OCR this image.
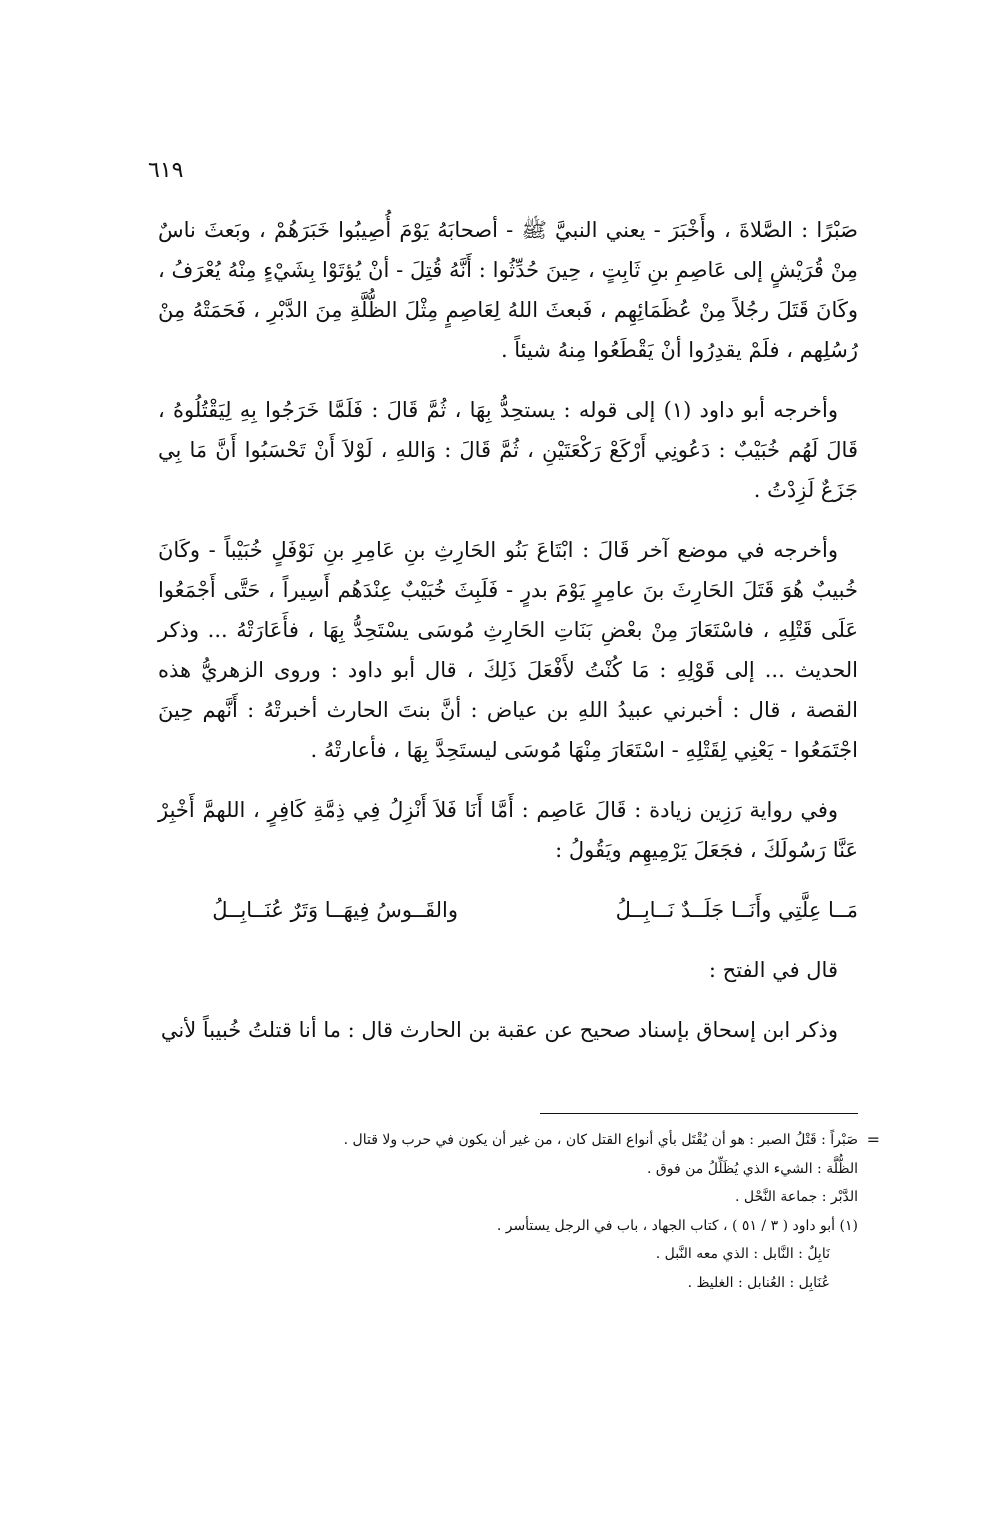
٦١٩

صَبْرًا : الصَّلاةَ ، وأَخْبَرَ - يعني النبيَّ ﷺ - أصحابَهُ يَوْمَ أُصِيبُوا خَبَرَهُمْ ، وبَعثَ ناسٌ مِنْ قُرَيْشٍ إلى عَاصِمِ بنِ ثَابِتٍ ، حِينَ حُدِّثُوا : أَنَّهُ قُتِلَ - أنْ يُؤتَوْا بِشَيْءٍ مِنْهُ يُعْرَفُ ، وكَانَ قَتَلَ رجُلاً مِنْ عُظَمَائِهِم ، فَبعثَ اللهُ لِعَاصِمٍ مِثْلَ الظُّلَّةِ مِنَ الدَّبْرِ ، فَحَمَتْهُ مِنْ رُسُلِهم ، فلَمْ يقدِرُوا أنْ يَقْطَعُوا مِنهُ شيئاً .

وأخرجه أبو داود (١) إلى قوله : يستحِدُّ بِهَا ، ثُمَّ قَالَ : فَلَمَّا خَرَجُوا بِهِ لِيَقْتُلُوهُ ، قَالَ لَهُم خُبَيْبٌ : دَعُونِي أَرْكَعْ رَكْعَتَيْنِ ، ثُمَّ قَالَ : وَاللهِ ، لَوْلاَ أَنْ تَحْسَبُوا أَنَّ مَا بِي جَزَعٌ لَزِدْتُ .

وأخرجه في موضع آخر قَالَ : ابْتَاعَ بَنُو الحَارِثِ بنِ عَامِرِ بنِ نَوْفَلٍ خُبَيْباً - وكَانَ خُبيبٌ هُوَ قَتَلَ الحَارِثَ بنَ عامِرٍ يَوْمَ بدرٍ - فَلَبِثَ خُبَيْبٌ عِنْدَهُم أَسِيراً ، حَتَّى أَجْمَعُوا عَلَى قَتْلِهِ ، فاسْتَعَارَ مِنْ بعْضِ بَنَاتِ الحَارِثِ مُوسَى يسْتَحِدُّ بِهَا ، فأَعَارَتْهُ ... وذكر الحديث ... إلى قَوْلِهِ : مَا كُنْتُ لأَفْعَلَ ذَلِكَ ، قال أبو داود : وروى الزهريُّ هذه القصة ، قال : أخبرني عبيدُ اللهِ بن عياض : أنَّ بنتَ الحارث أخبرتْهُ : أَنَّهم حِينَ اجْتَمَعُوا - يَعْنِي لِقَتْلِهِ - اسْتَعَارَ مِنْهَا مُوسَى ليستَحِدَّ بِهَا ، فأعارتْهُ .

وفي رواية رَزِين زيادة : قَالَ عَاصِم : أَمَّا أَنَا فَلاَ أَنْزِلُ فِي ذِمَّةِ كَافِرٍ ، اللهمَّ أَخْبِرْ عَنَّا رَسُولَكَ ، فجَعَلَ يَرْمِيهِم ويَقُولُ :

مَــا عِلَّتِي وأَنَــا جَلَــدٌ نَــابِــلُ
والقَــوسُ فِيهَــا وَتَرٌ عُنَــابِــلُ

قال في الفتح :

وذكر ابن إسحاق بإسناد صحيح عن عقبة بن الحارث قال : ما أنا قتلتُ خُبيباً لأني

=
صَبْراً : قَتْلُ الصبر : هو أن يُقْتَل بأي أنواع القتل كان ، من غير أن يكون في حرب ولا قتال .
الظُّلَّة : الشيء الذي يُظَلِّلُ من فوق .
الدَّبْر : جماعة النَّحْل .
(١) أبو داود ( ٣ / ٥١ ) ، كتاب الجهاد ، باب في الرجل يستأسر .
نَابِلٌ : النَّابل : الذي معه النَّبل .
عُنَابِل : العُنابل : الغليظ .
